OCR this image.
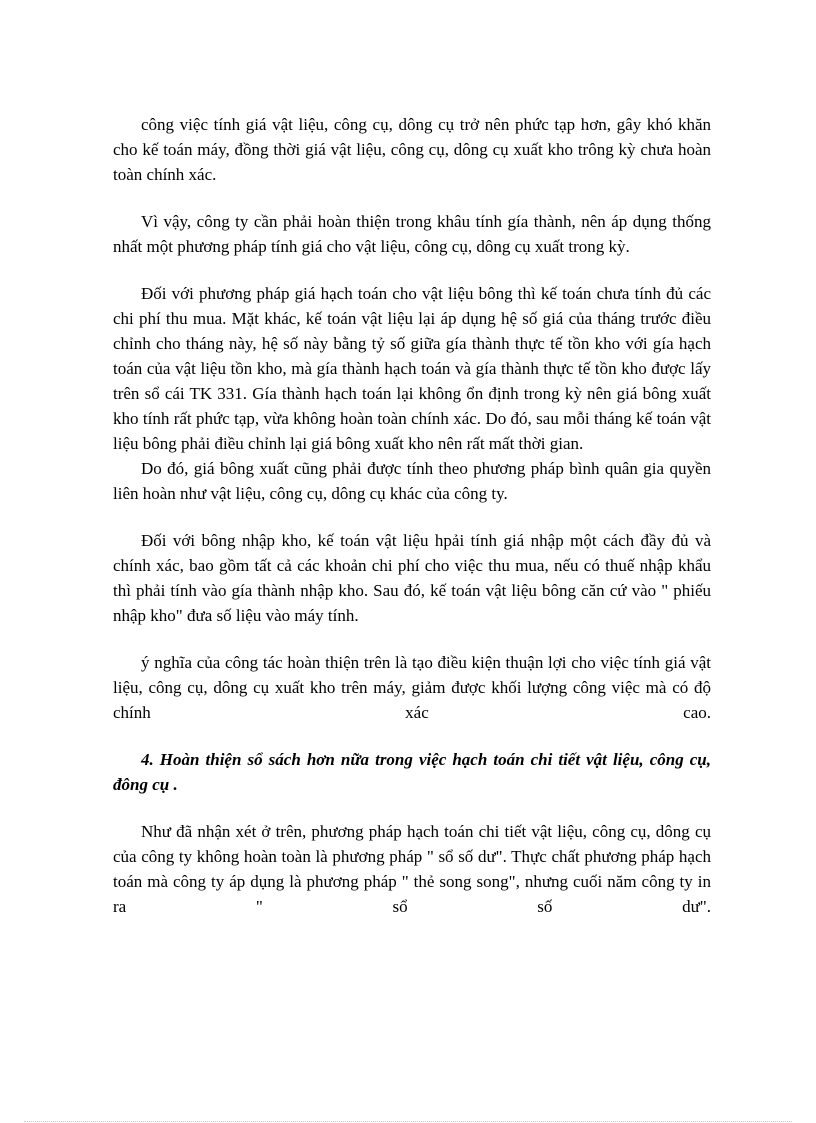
công việc tính giá vật liệu, công cụ, dông cụ trở nên phức tạp hơn, gây khó khăn cho kế toán máy, đồng thời giá vật liệu, công cụ, dông cụ xuất kho trông kỳ chưa hoàn toàn chính xác.

Vì vậy, công ty cần phải hoàn thiện trong khâu tính gía thành, nên áp dụng thống nhất một phương pháp tính giá cho vật liệu, công cụ, dông cụ xuất trong kỳ.

Đối với phương pháp giá hạch toán cho vật liệu bông thì kế toán chưa tính đủ các chi phí thu mua. Mặt khác, kế toán vật liệu lại áp dụng hệ số giá của tháng trước điều chỉnh cho tháng này, hệ số này bằng tỷ số giữa gía thành thực tế tồn kho với gía hạch toán của vật liệu tồn kho, mà gía thành hạch toán và gía thành thực tế tồn kho được lấy trên sổ cái TK 331. Gía thành hạch toán lại không ổn định trong kỳ nên giá bông xuất kho tính rất phức tạp, vừa không hoàn toàn chính xác. Do đó, sau mỗi tháng kế toán vật liệu bông phải điều chỉnh lại giá bông xuất kho nên rất mất thời gian.

Do đó, giá bông xuất cũng phải được tính theo phương pháp bình quân gia quyền liên hoàn như vật liệu, công cụ, dông cụ khác của công ty.

Đối với bông nhập kho, kế toán vật liệu hpải tính giá nhập một cách đầy đủ và chính xác, bao gồm tất cả các khoản chi phí cho việc thu mua, nếu có thuế nhập khẩu thì phải tính vào gía thành nhập kho. Sau đó, kế toán vật liệu bông căn cứ vào " phiếu nhập kho" đưa số liệu vào máy tính.

ý nghĩa của công tác hoàn thiện trên là tạo điều kiện thuận lợi cho việc tính giá vật liệu, công cụ, dông cụ xuất kho trên máy, giảm được khối lượng công việc mà có độ chính xác cao.

4. Hoàn thiện sổ sách hơn nữa trong việc hạch toán chi tiết vật liệu, công cụ, đông cụ .

Như đã nhận xét ở trên, phương pháp hạch toán chi tiết vật liệu, công cụ, dông cụ của công ty không hoàn toàn là phương pháp " sổ số dư". Thực chất phương pháp hạch toán mà công ty áp dụng là phương pháp " thẻ song song", nhưng cuối năm công ty in ra " sổ số dư".
